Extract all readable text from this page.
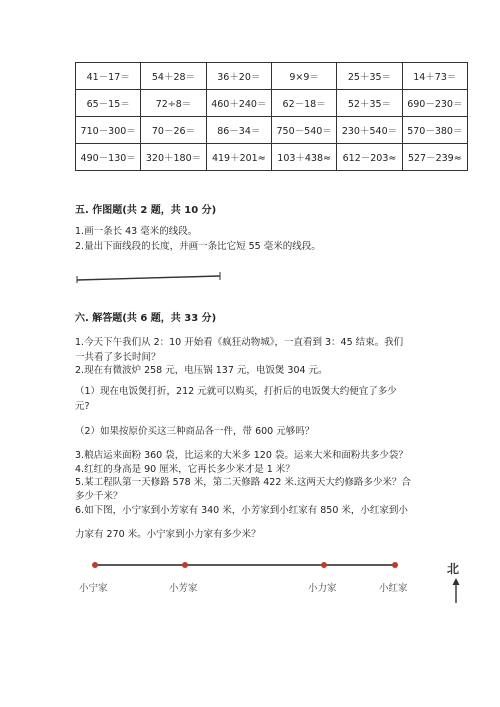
41－17＝	54＋28＝	36＋20＝	9×9＝	25＋35＝	14＋73＝
65－15＝	72÷8＝	460＋240＝	62－18＝	52＋35＝	690－230＝
710－300＝	70－26＝	86－34＝	750－540＝	230＋540＝	570－380＝
490－130＝	320＋180＝	419＋201≈	103＋438≈	612－203≈	527－239≈
五. 作图题(共 2 题，共 10 分)
1.画一条长 43 毫米的线段。
2.量出下面线段的长度，并画一条比它短 55 毫米的线段。
六. 解答题(共 6 题，共 33 分)
1.今天下午我们从 2：10 开始看《疯狂动物城》，一直看到 3：45 结束。我们
一共看了多长时间？
2.现在有微波炉 258 元，电压锅 137 元，电饭煲 304 元。
（1）现在电饭煲打折，212 元就可以购买，打折后的电饭煲大约便宜了多少
元?
（2）如果按原价买这三种商品各一件，带 600 元够吗？
3.粮店运来面粉 360 袋，比运来的大米多 120 袋。运来大米和面粉共多少袋？
4.红红的身高是 90 厘米，它再长多少米才是 1 米？
5.某工程队第一天修路 578 米，第二天修路 422 米.这两天大约修路多少米？合
多少千米？
6.如下图，小宁家到小芳家有 340 米，小芳家到小红家有 850 米，小红家到小
力家有 270 米。小宁家到小力家有多少米？
小宁家	小芳家	小力家	小红家
北
